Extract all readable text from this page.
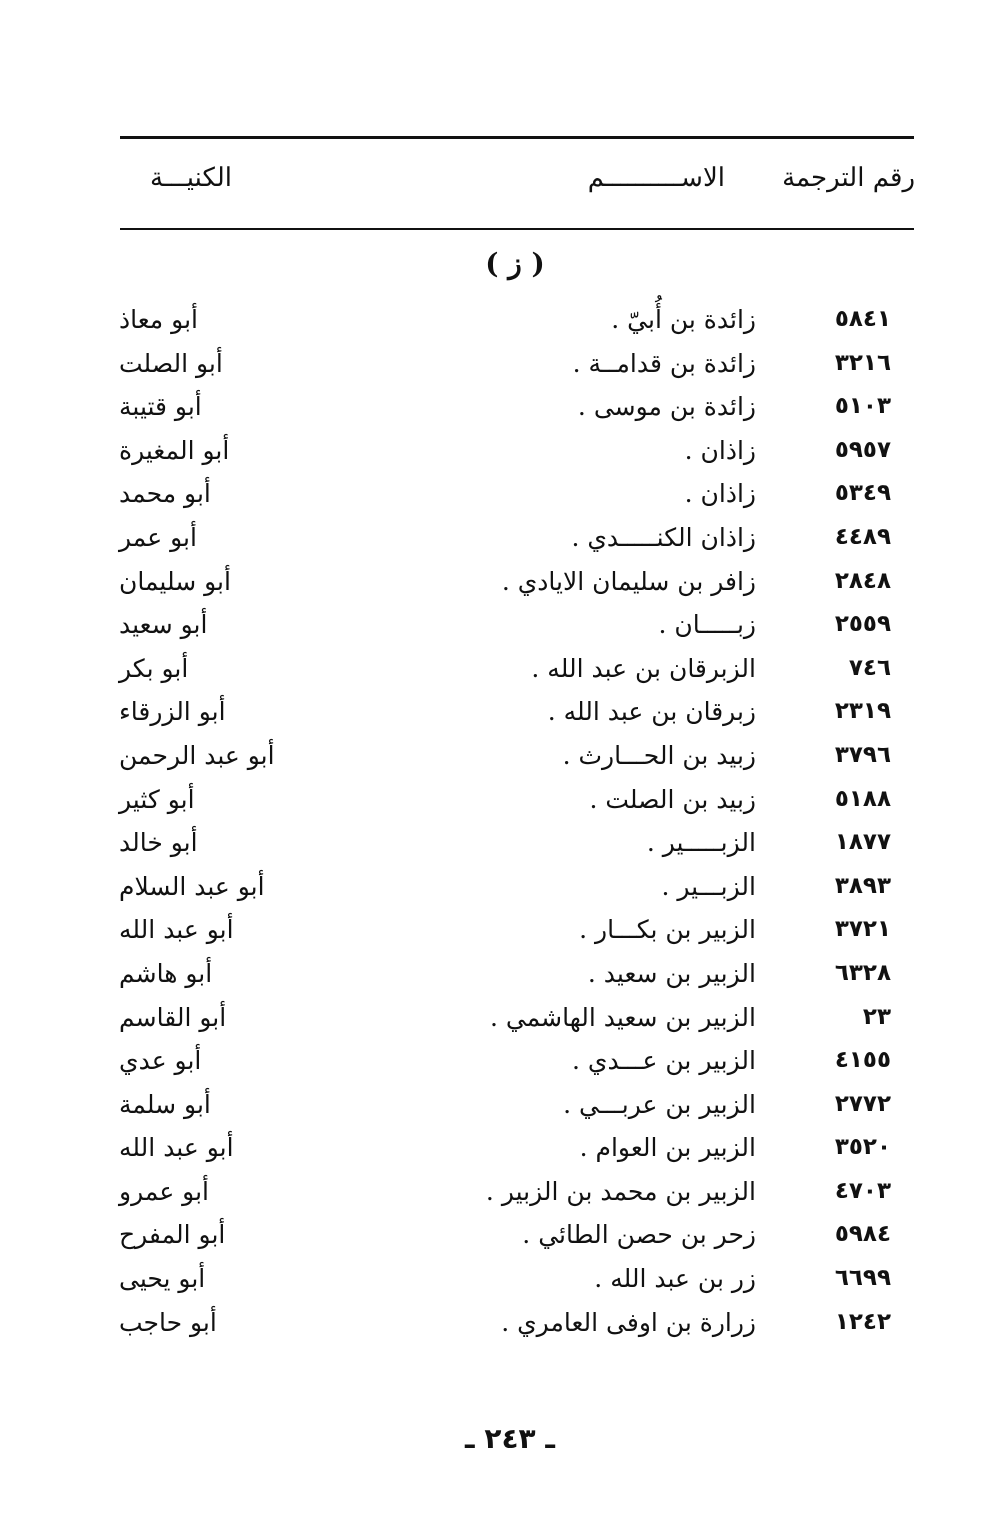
رقم الترجمة
الاســــــــــم
الكنيـــة
( ز )
٥٨٤١
زائدة بن أُبيّ .
أبو معاذ
٣٢١٦
زائدة بن قدامــة .
أبو الصلت
٥١٠٣
زائدة بن موسى .
أبو قتيبة
٥٩٥٧
زاذان .
أبو المغيرة
٥٣٤٩
زاذان .
أبو محمد
٤٤٨٩
زاذان الكنـــــدي .
أبو عمر
٢٨٤٨
زافر بن سليمان الايادي .
أبو سليمان
٢٥٥٩
زبـــــان .
أبو سعيد
٧٤٦
الزبرقان بن عبد الله .
أبو بكر
٢٣١٩
زبرقان بن عبد الله .
أبو الزرقاء
٣٧٩٦
زبيد بن الحـــارث .
أبو عبد الرحمن
٥١٨٨
زبيد بن الصلت .
أبو كثير
١٨٧٧
الزبـــــير .
أبو خالد
٣٨٩٣
الزبـــير .
أبو عبد السلام
٣٧٢١
الزبير بن بكـــار .
أبو عبد الله
٦٣٢٨
الزبير بن سعيد .
أبو هاشم
٢٣
الزبير بن سعيد الهاشمي .
أبو القاسم
٤١٥٥
الزبير بن عـــدي .
أبو عدي
٢٧٧٢
الزبير بن عربـــي .
أبو سلمة
٣٥٢٠
الزبير بن العوام .
أبو عبد الله
٤٧٠٣
الزبير بن محمد بن الزبير .
أبو عمرو
٥٩٨٤
زحر بن حصن الطائي .
أبو المفرح
٦٦٩٩
زر بن عبد الله .
أبو يحيى
١٢٤٢
زرارة بن اوفى العامري .
أبو حاجب
ـ ٢٤٣ ـ
